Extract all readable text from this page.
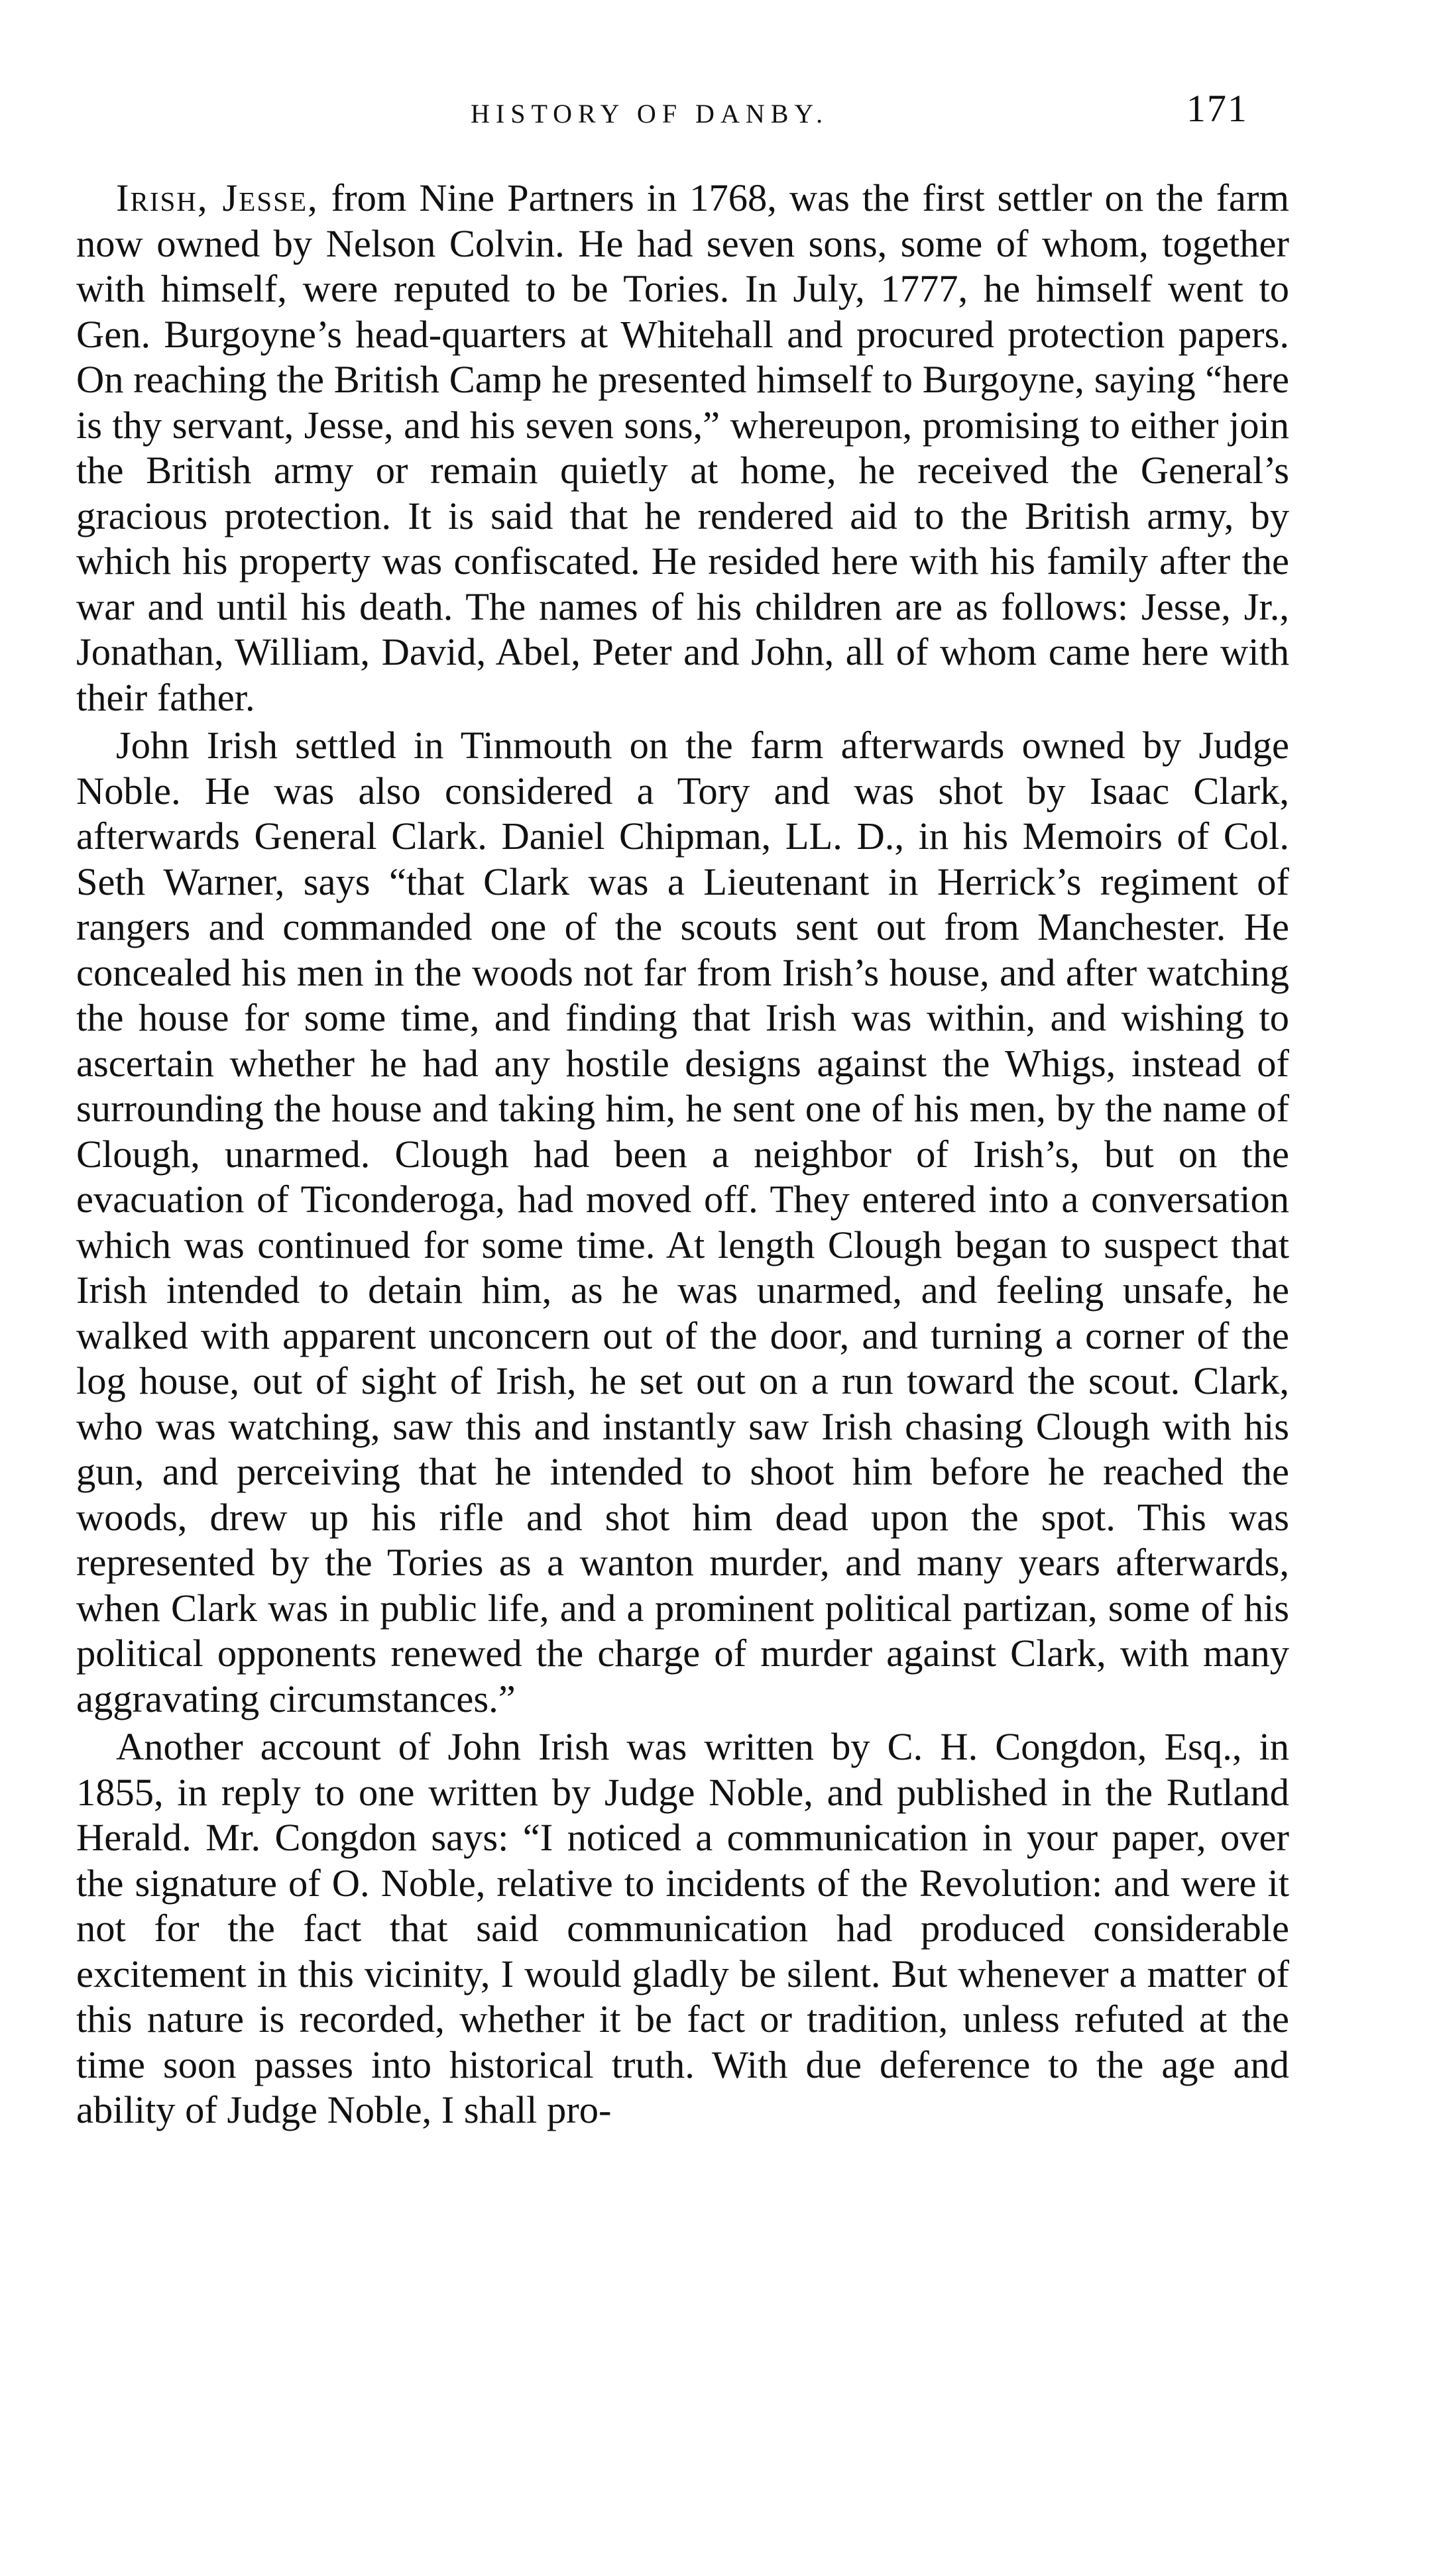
HISTORY OF DANBY.	171

Irish, Jesse, from Nine Partners in 1768, was the first settler on the farm now owned by Nelson Colvin. He had seven sons, some of whom, together with himself, were reputed to be Tories. In July, 1777, he himself went to Gen. Burgoyne’s head-quarters at Whitehall and procured protection papers. On reaching the British Camp he presented himself to Burgoyne, saying “here is thy servant, Jesse, and his seven sons,” whereupon, promising to either join the British army or remain quietly at home, he received the General’s gracious protection. It is said that he rendered aid to the British army, by which his property was confiscated. He resided here with his family after the war and until his death. The names of his children are as follows: Jesse, Jr., Jonathan, William, David, Abel, Peter and John, all of whom came here with their father.

John Irish settled in Tinmouth on the farm afterwards owned by Judge Noble. He was also considered a Tory and was shot by Isaac Clark, afterwards General Clark. Daniel Chipman, LL. D., in his Memoirs of Col. Seth Warner, says “that Clark was a Lieutenant in Herrick’s regiment of rangers and commanded one of the scouts sent out from Manchester. He concealed his men in the woods not far from Irish’s house, and after watching the house for some time, and finding that Irish was within, and wishing to ascertain whether he had any hostile designs against the Whigs, instead of surrounding the house and taking him, he sent one of his men, by the name of Clough, unarmed. Clough had been a neighbor of Irish’s, but on the evacuation of Ticonderoga, had moved off. They entered into a conversation which was continued for some time. At length Clough began to suspect that Irish intended to detain him, as he was unarmed, and feeling unsafe, he walked with apparent unconcern out of the door, and turning a corner of the log house, out of sight of Irish, he set out on a run toward the scout. Clark, who was watching, saw this and instantly saw Irish chasing Clough with his gun, and perceiving that he intended to shoot him before he reached the woods, drew up his rifle and shot him dead upon the spot. This was represented by the Tories as a wanton murder, and many years afterwards, when Clark was in public life, and a prominent political partizan, some of his political opponents renewed the charge of murder against Clark, with many aggravating circumstances.”

Another account of John Irish was written by C. H. Congdon, Esq., in 1855, in reply to one written by Judge Noble, and published in the Rutland Herald. Mr. Congdon says: “I noticed a communication in your paper, over the signature of O. Noble, relative to incidents of the Revolution: and were it not for the fact that said communication had produced considerable excitement in this vicinity, I would gladly be silent. But whenever a matter of this nature is recorded, whether it be fact or tradition, unless refuted at the time soon passes into historical truth. With due deference to the age and ability of Judge Noble, I shall pro-
